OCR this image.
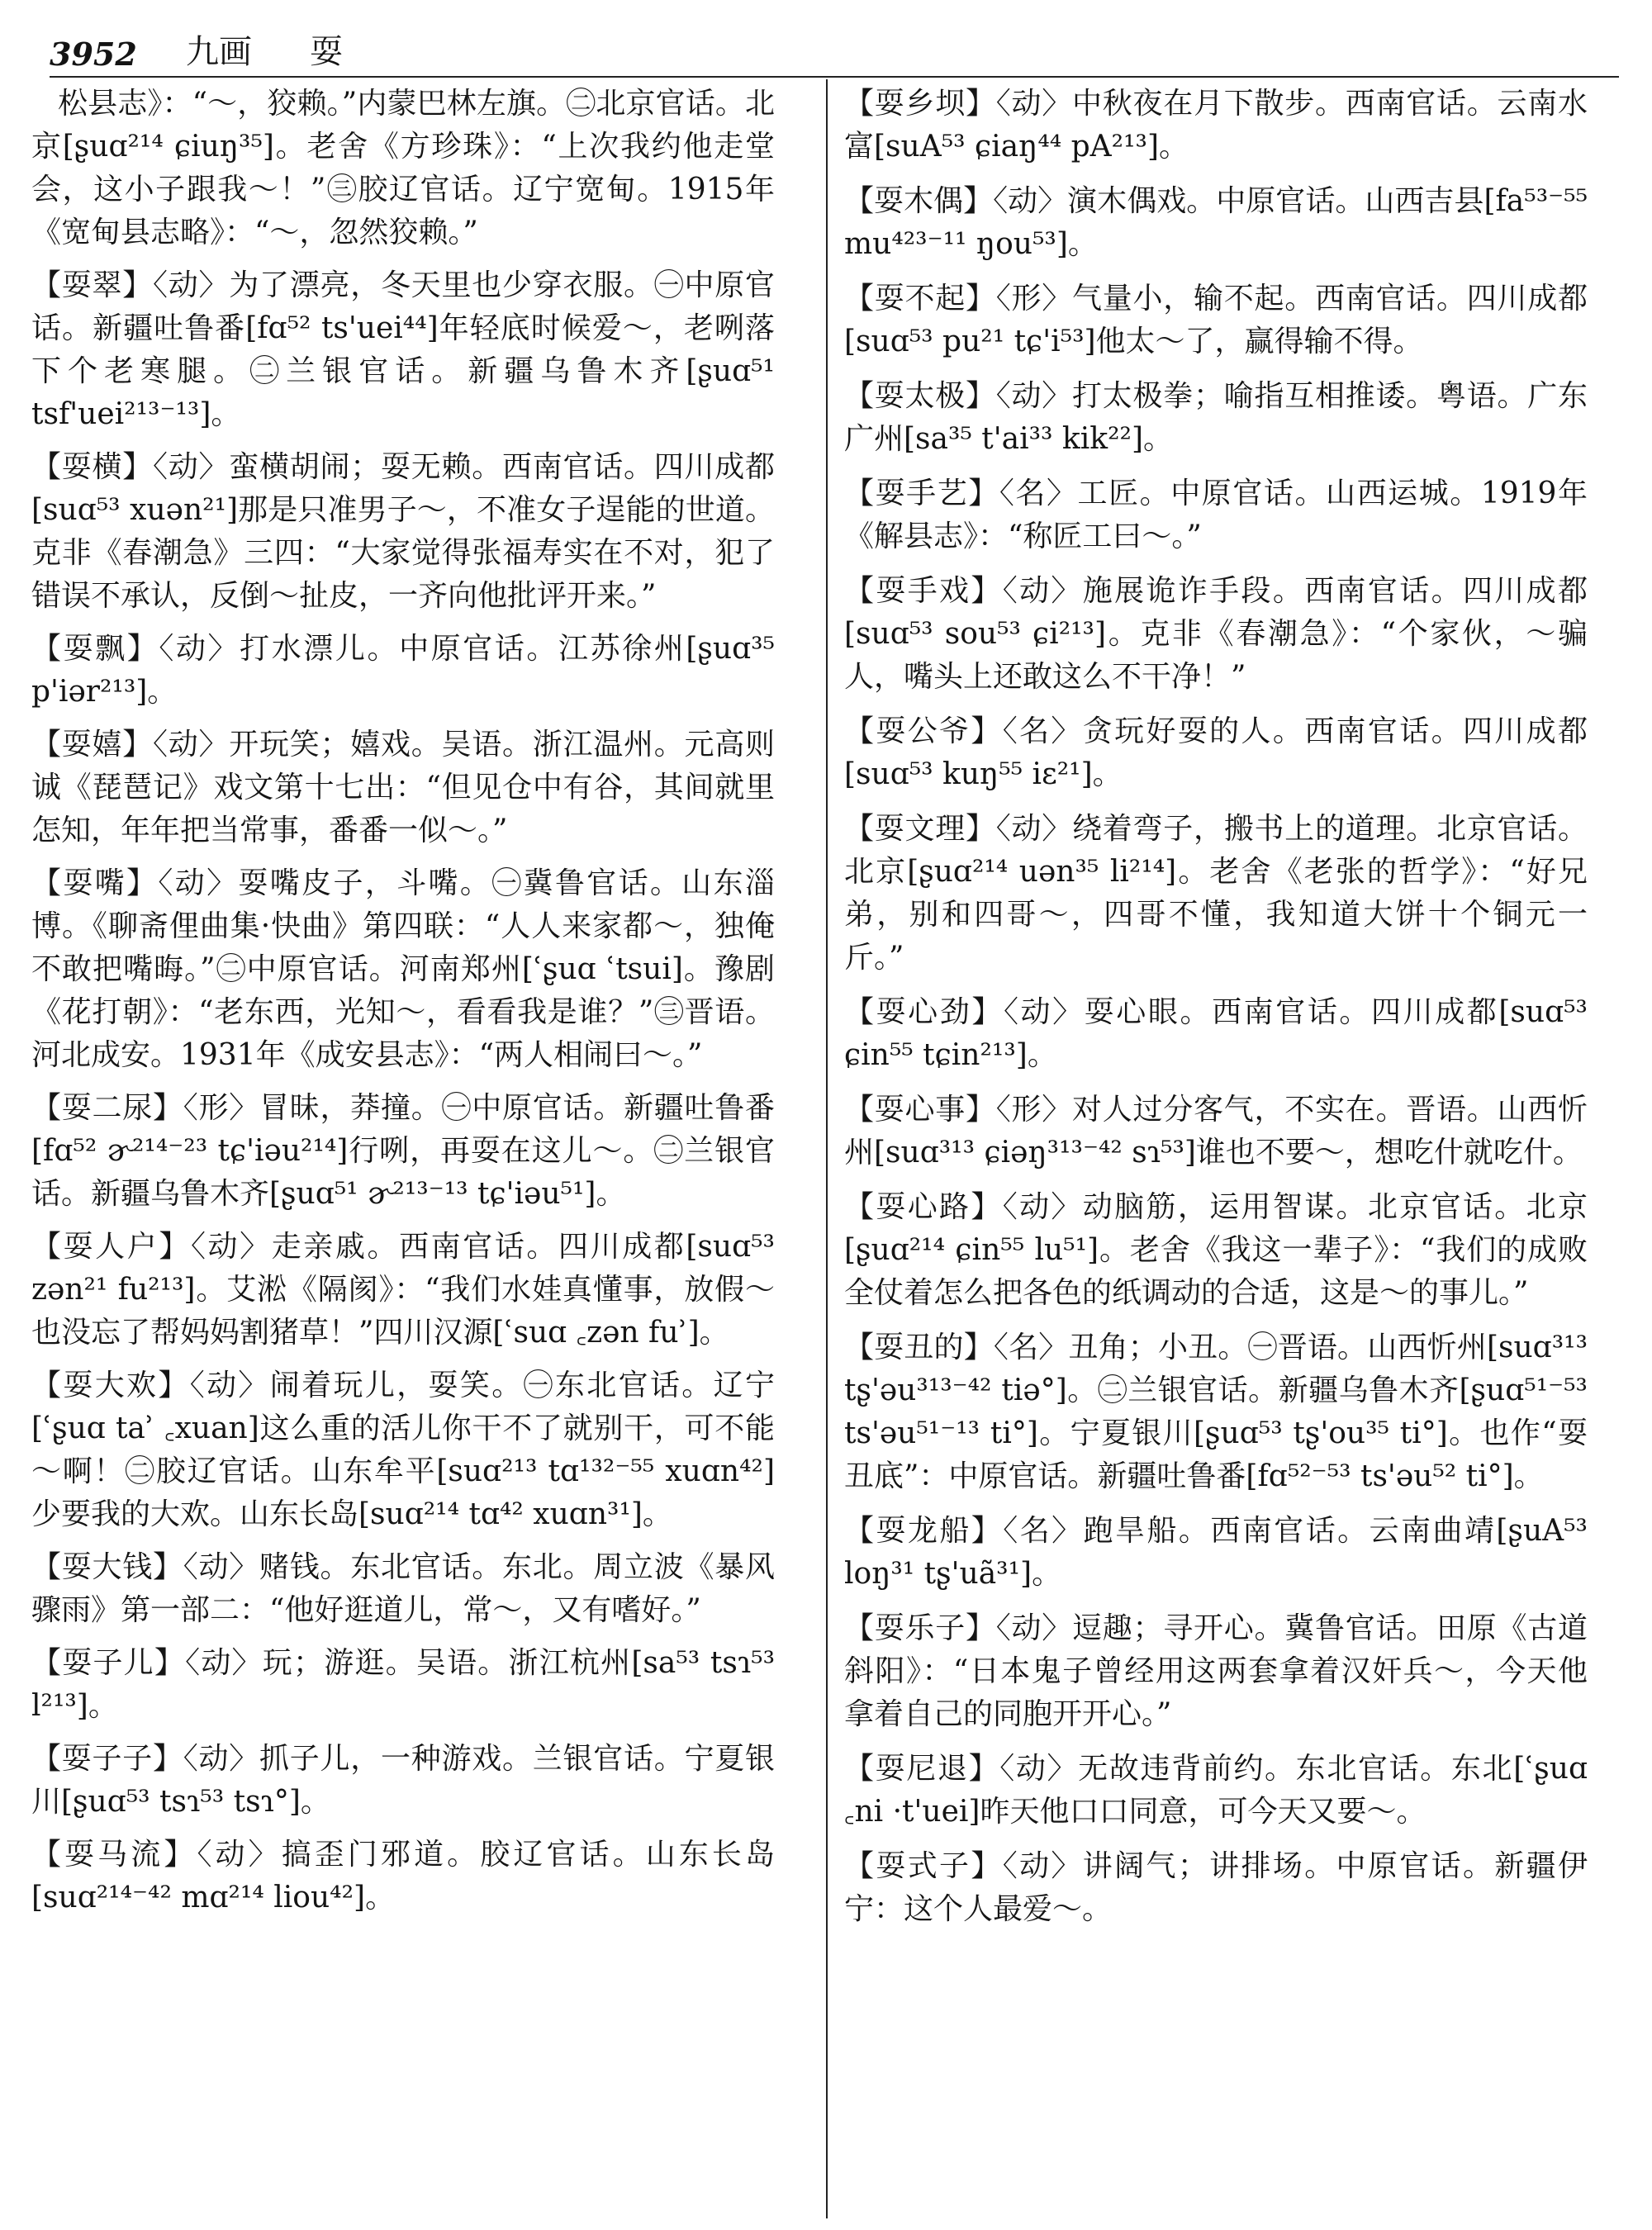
3952	九画	耍
松县志》：“～，狡赖。”内蒙巴林左旗。㊁北京官话。北京[ʂuɑ²¹⁴ ɕiuŋ³⁵]。老舍《方珍珠》：“上次我约他走堂会，这小子跟我～！”㊂胶辽官话。辽宁宽甸。1915年《宽甸县志略》：“～，忽然狡赖。”
【耍翠】〈动〉为了漂亮，冬天里也少穿衣服。㊀中原官话。新疆吐鲁番[fɑ⁵² ts'uei⁴⁴]年轻底时候爱～，老咧落下个老寒腿。㊁兰银官话。新疆乌鲁木齐[ʂuɑ⁵¹ tsf'uei²¹³⁻¹³]。
【耍横】〈动〉蛮横胡闹；耍无赖。西南官话。四川成都[suɑ⁵³ xuən²¹]那是只准男子～，不准女子逞能的世道。克非《春潮急》三四：“大家觉得张福寿实在不对，犯了错误不承认，反倒～扯皮，一齐向他批评开来。”
【耍飘】〈动〉打水漂儿。中原官话。江苏徐州[ʂuɑ³⁵ p'iər²¹³]。
【耍嬉】〈动〉开玩笑；嬉戏。吴语。浙江温州。元高则诚《琵琶记》戏文第十七出：“但见仓中有谷，其间就里怎知，年年把当常事，番番一似～。”
【耍嘴】〈动〉耍嘴皮子，斗嘴。㊀冀鲁官话。山东淄博。《聊斋俚曲集·快曲》第四联：“人人来家都～，独俺不敢把嘴晦。”㊁中原官话。河南郑州[ʿʂuɑ ʿtsui]。豫剧《花打朝》：“老东西，光知～，看看我是谁？”㊂晋语。河北成安。1931年《成安县志》：“两人相闹曰～。”
【耍二尿】〈形〉冒昧，莽撞。㊀中原官话。新疆吐鲁番[fɑ⁵² ɚ²¹⁴⁻²³ tɕ'iəu²¹⁴]行咧，再耍在这儿～。㊁兰银官话。新疆乌鲁木齐[ʂuɑ⁵¹ ɚ²¹³⁻¹³ tɕ'iəu⁵¹]。
【耍人户】〈动〉走亲戚。西南官话。四川成都[suɑ⁵³ zən²¹ fu²¹³]。艾淞《隔阂》：“我们水娃真懂事，放假～也没忘了帮妈妈割猪草！”四川汉源[ʿsuɑ ꜀zən fuʾ]。
【耍大欢】〈动〉闹着玩儿，耍笑。㊀东北官话。辽宁[ʿʂuɑ taʾ ꜀xuan]这么重的活儿你干不了就别干，可不能～啊！㊁胶辽官话。山东牟平[suɑ²¹³ tɑ¹³²⁻⁵⁵ xuɑn⁴²]少要我的大欢。山东长岛[suɑ²¹⁴ tɑ⁴² xuɑn³¹]。
【耍大钱】〈动〉赌钱。东北官话。东北。周立波《暴风骤雨》第一部二：“他好逛道儿，常～，又有嗜好。”
【耍子儿】〈动〉玩；游逛。吴语。浙江杭州[sa⁵³ tsɿ⁵³ l²¹³]。
【耍子子】〈动〉抓子儿，一种游戏。兰银官话。宁夏银川[ʂuɑ⁵³ tsɿ⁵³ tsɿ°]。
【耍马流】〈动〉搞歪门邪道。胶辽官话。山东长岛[suɑ²¹⁴⁻⁴² mɑ²¹⁴ liou⁴²]。
【耍乡坝】〈动〉中秋夜在月下散步。西南官话。云南水富[suA⁵³ ɕiaŋ⁴⁴ pA²¹³]。
【耍木偶】〈动〉演木偶戏。中原官话。山西吉县[fa⁵³⁻⁵⁵ mu⁴²³⁻¹¹ ŋou⁵³]。
【耍不起】〈形〉气量小，输不起。西南官话。四川成都[suɑ⁵³ pu²¹ tɕ'i⁵³]他太～了，赢得输不得。
【耍太极】〈动〉打太极拳；喻指互相推诿。粤语。广东广州[sa³⁵ t'ai³³ kik²²]。
【耍手艺】〈名〉工匠。中原官话。山西运城。1919年《解县志》：“称匠工曰～。”
【耍手戏】〈动〉施展诡诈手段。西南官话。四川成都[suɑ⁵³ sou⁵³ ɕi²¹³]。克非《春潮急》：“个家伙，～骗人，嘴头上还敢这么不干净！”
【耍公爷】〈名〉贪玩好耍的人。西南官话。四川成都[suɑ⁵³ kuŋ⁵⁵ iɛ²¹]。
【耍文理】〈动〉绕着弯子，搬书上的道理。北京官话。北京[ʂuɑ²¹⁴ uən³⁵ li²¹⁴]。老舍《老张的哲学》：“好兄弟，别和四哥～，四哥不懂，我知道大饼十个铜元一斤。”
【耍心劲】〈动〉耍心眼。西南官话。四川成都[suɑ⁵³ ɕin⁵⁵ tɕin²¹³]。
【耍心事】〈形〉对人过分客气，不实在。晋语。山西忻州[suɑ³¹³ ɕiəŋ³¹³⁻⁴² sɿ⁵³]谁也不要～，想吃什就吃什。
【耍心路】〈动〉动脑筋，运用智谋。北京官话。北京[ʂuɑ²¹⁴ ɕin⁵⁵ lu⁵¹]。老舍《我这一辈子》：“我们的成败全仗着怎么把各色的纸调动的合适，这是～的事儿。”
【耍丑的】〈名〉丑角；小丑。㊀晋语。山西忻州[suɑ³¹³ tʂ'əu³¹³⁻⁴² tiə°]。㊁兰银官话。新疆乌鲁木齐[ʂuɑ⁵¹⁻⁵³ ts'əu⁵¹⁻¹³ ti°]。宁夏银川[ʂuɑ⁵³ tʂ'ou³⁵ ti°]。也作“耍丑底”：中原官话。新疆吐鲁番[fɑ⁵²⁻⁵³ ts'əu⁵² ti°]。
【耍龙船】〈名〉跑旱船。西南官话。云南曲靖[ʂuA⁵³ loŋ³¹ tʂ'uã³¹]。
【耍乐子】〈动〉逗趣；寻开心。冀鲁官话。田原《古道斜阳》：“日本鬼子曾经用这两套拿着汉奸兵～，今天他拿着自己的同胞开开心。”
【耍尼退】〈动〉无故违背前约。东北官话。东北[ʿʂuɑ ꜀ni ·t'uei]昨天他口口同意，可今天又要～。
【耍式子】〈动〉讲阔气；讲排场。中原官话。新疆伊宁：这个人最爱～。
